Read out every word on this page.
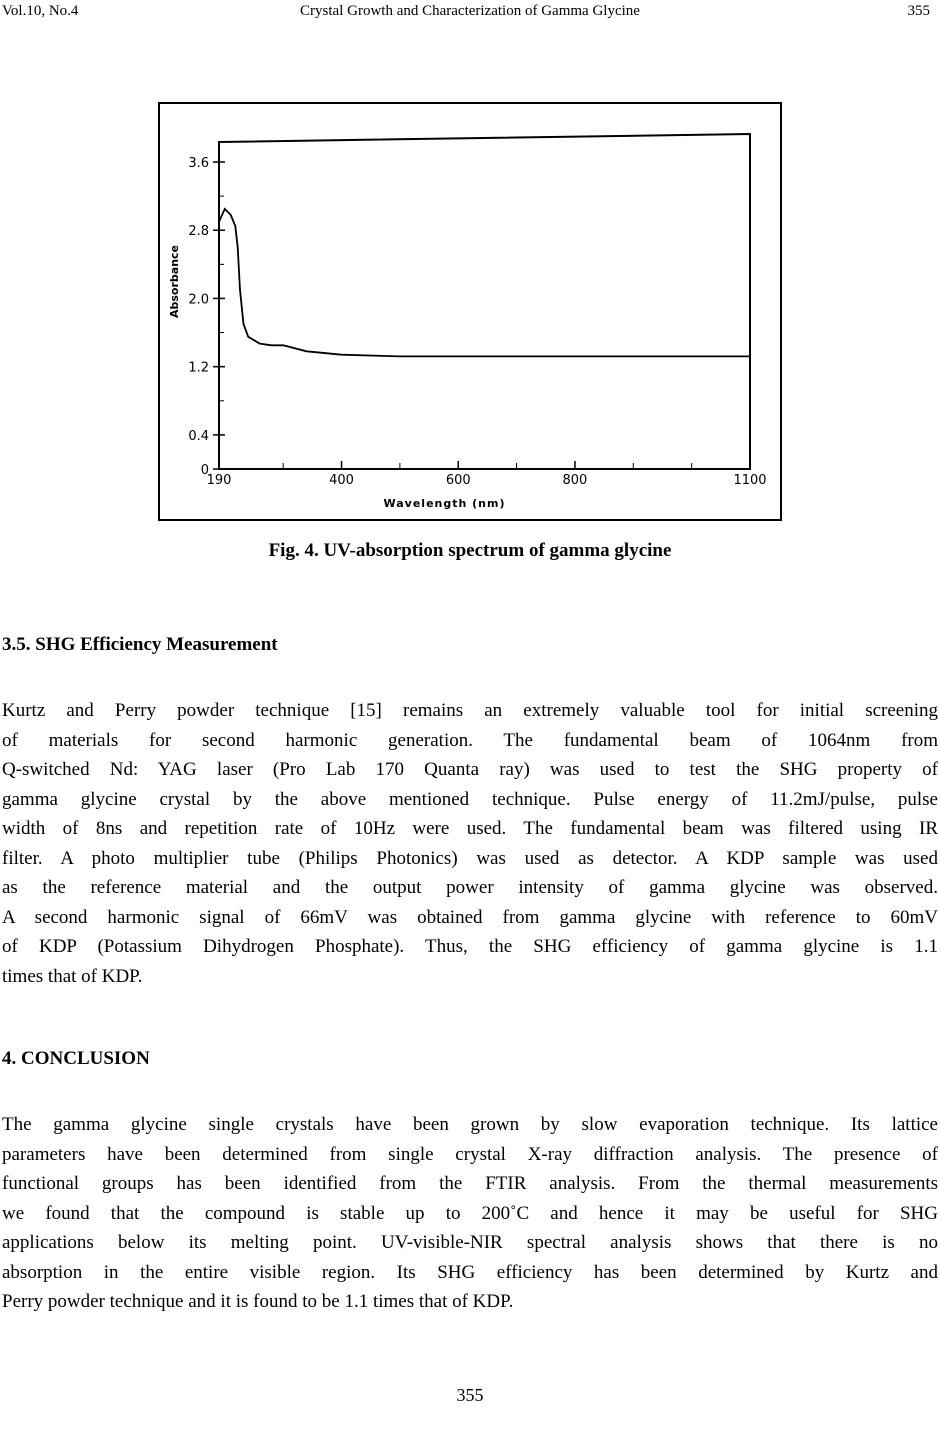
Vol.10, No.4	Crystal Growth and Characterization of Gamma Glycine	355
0
0.4
1.2
2.0
2.8
3.6
190	400	600	800	1100
Wavelength (nm)
Absorbance
Fig. 4. UV-absorption spectrum of gamma glycine
3.5. SHG Efficiency Measurement
Kurtz and Perry powder technique [15] remains an extremely valuable tool for initial screening
of materials for second harmonic generation. The fundamental beam of 1064nm from
Q-switched Nd: YAG laser (Pro Lab 170 Quanta ray) was used to test the SHG property of
gamma glycine crystal by the above mentioned technique. Pulse energy of 11.2mJ/pulse, pulse
width of 8ns and repetition rate of 10Hz were used. The fundamental beam was filtered using IR
filter. A photo multiplier tube (Philips Photonics) was used as detector. A KDP sample was used
as the reference material and the output power intensity of gamma glycine was observed.
A second harmonic signal of 66mV was obtained from gamma glycine with reference to 60mV
of KDP (Potassium Dihydrogen Phosphate). Thus, the SHG efficiency of gamma glycine is 1.1
times that of KDP.
4. CONCLUSION
The gamma glycine single crystals have been grown by slow evaporation technique. Its lattice
parameters have been determined from single crystal X-ray diffraction analysis. The presence of
functional groups has been identified from the FTIR analysis. From the thermal measurements
we found that the compound is stable up to 200˚C and hence it may be useful for SHG
applications below its melting point. UV-visible-NIR spectral analysis shows that there is no
absorption in the entire visible region. Its SHG efficiency has been determined by Kurtz and
Perry powder technique and it is found to be 1.1 times that of KDP.
355
